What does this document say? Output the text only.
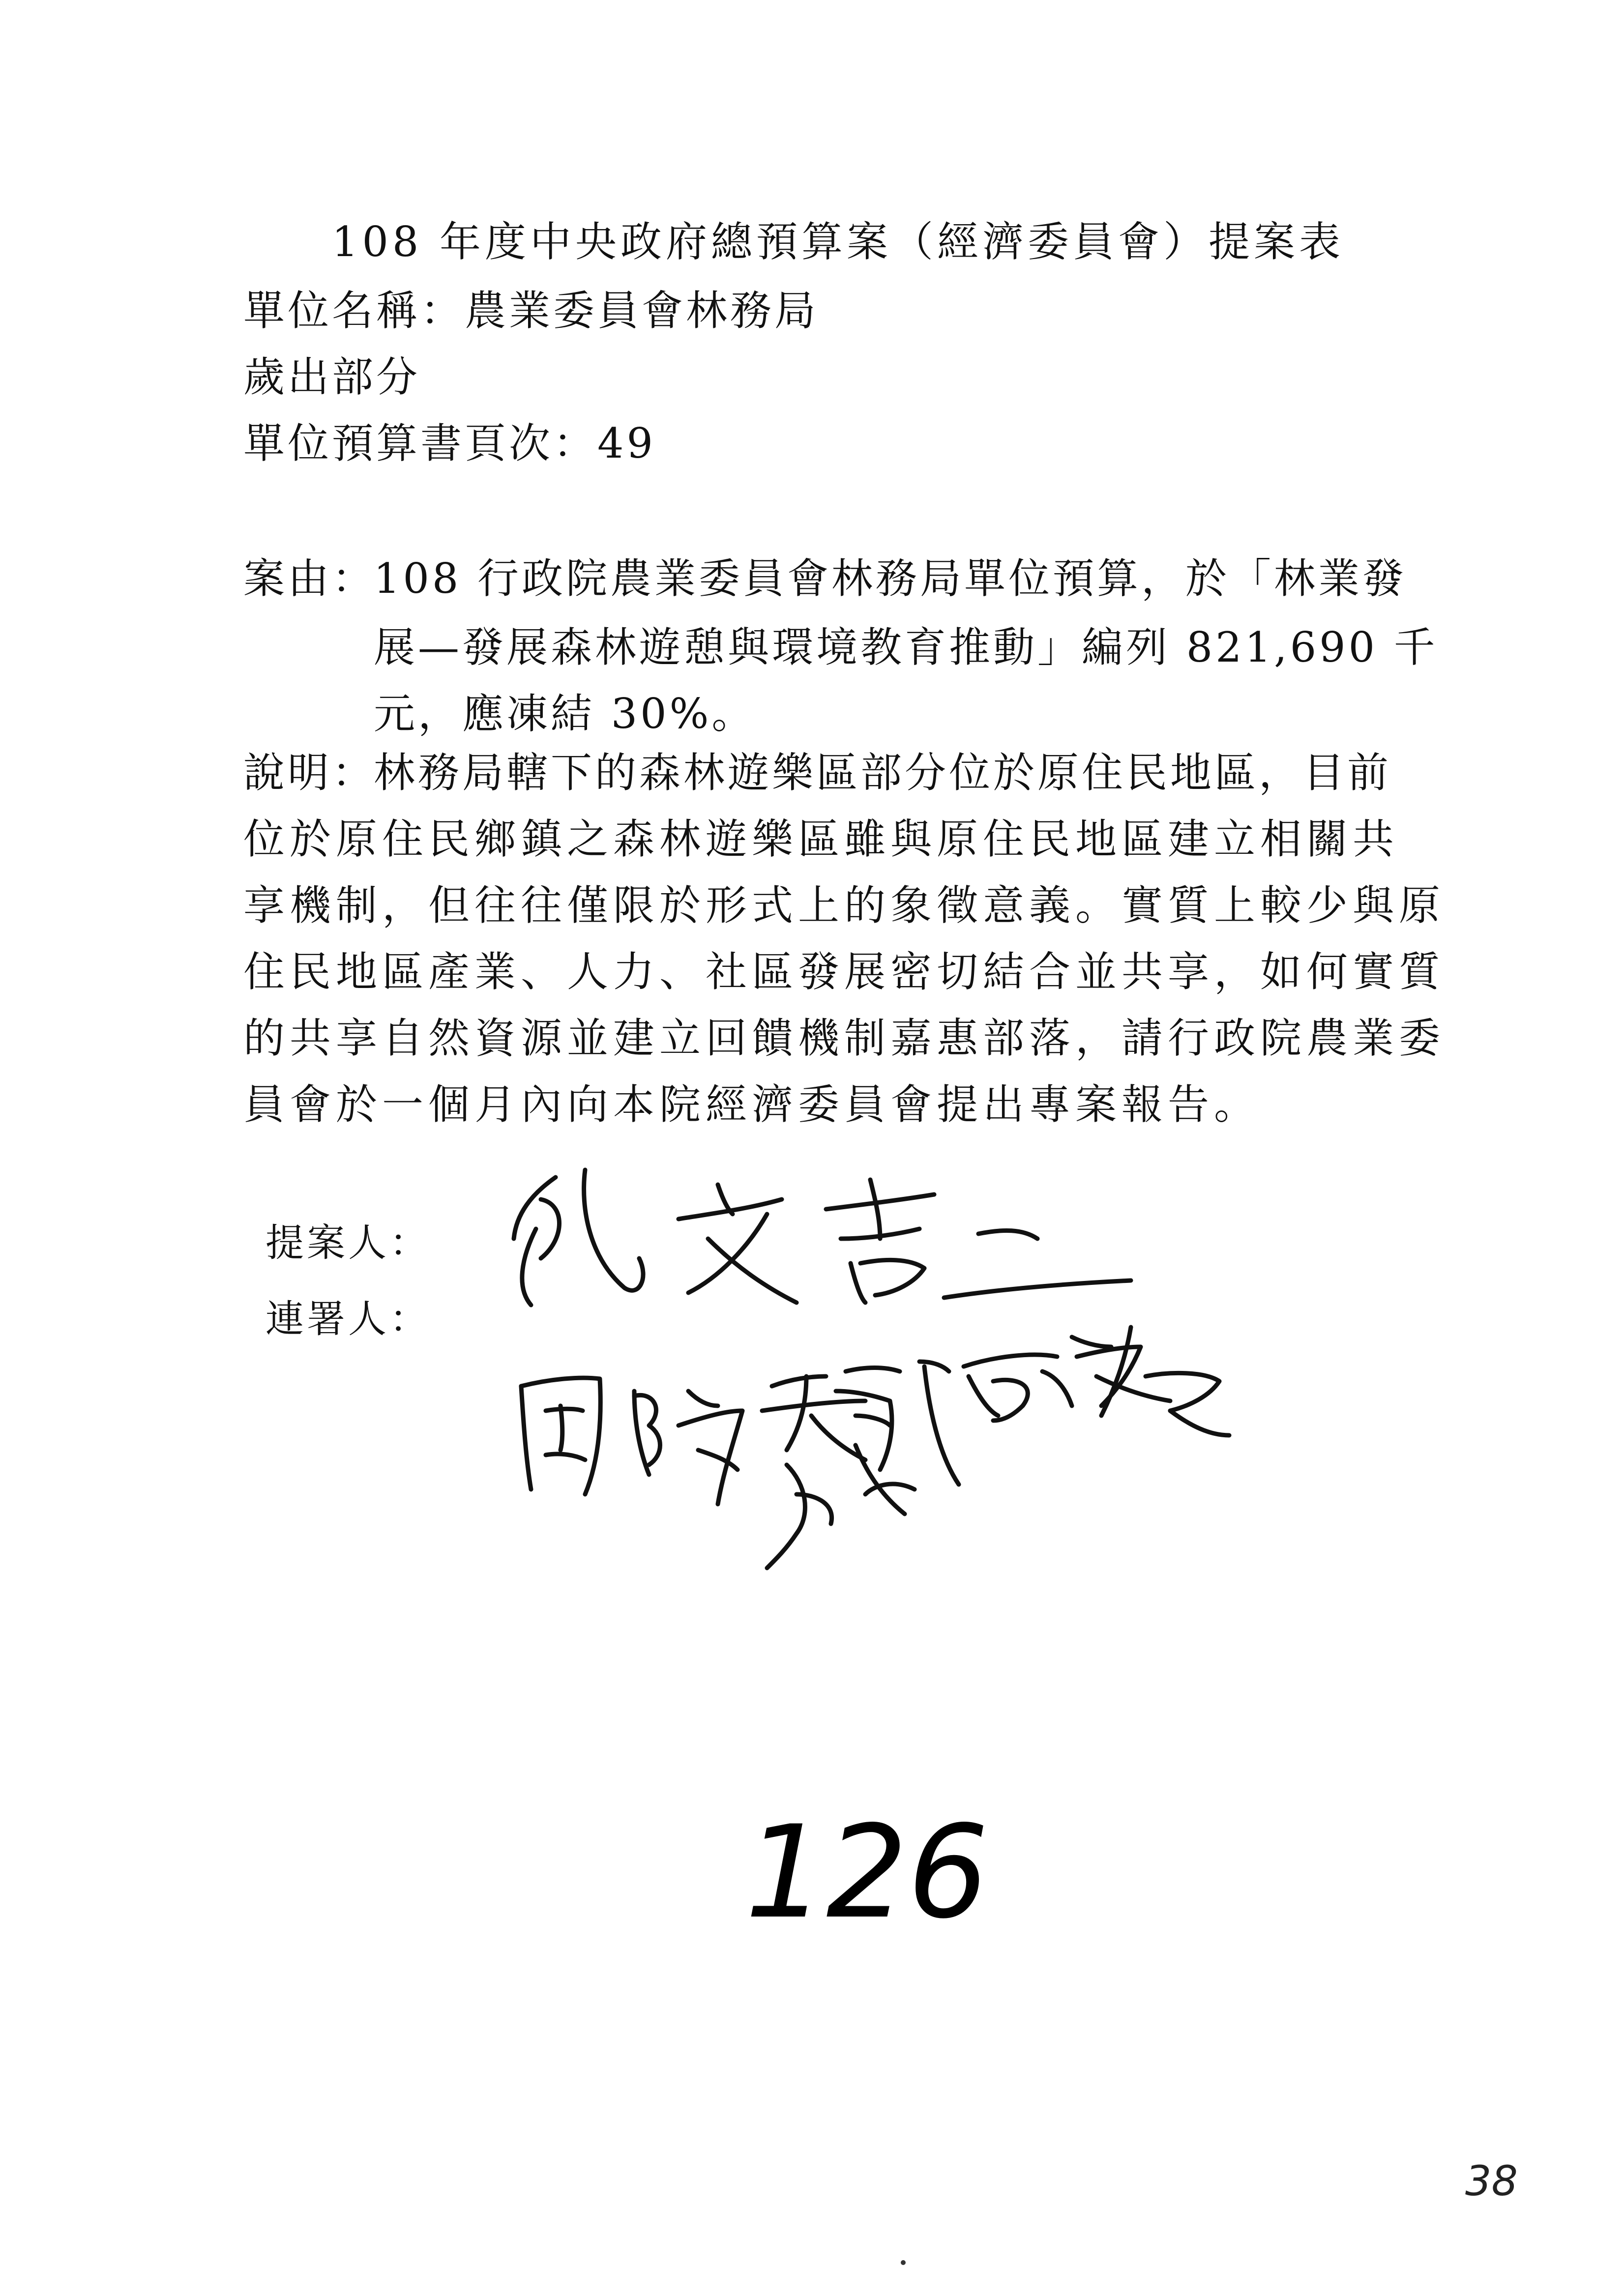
108 年度中央政府總預算案（經濟委員會）提案表
單位名稱：農業委員會林務局
歲出部分
單位預算書頁次：49
案由：
108 行政院農業委員會林務局單位預算，於「林業發
展—發展森林遊憩與環境教育推動」編列 821,690 千
元，應凍結 30%。
說明：
林務局轄下的森林遊樂區部分位於原住民地區，目前
位於原住民鄉鎮之森林遊樂區雖與原住民地區建立相關共
享機制，但往往僅限於形式上的象徵意義。實質上較少與原
住民地區產業、人力、社區發展密切結合並共享，如何實質
的共享自然資源並建立回饋機制嘉惠部落，請行政院農業委
員會於一個月內向本院經濟委員會提出專案報告。
提案人：
連署人：
126
38
